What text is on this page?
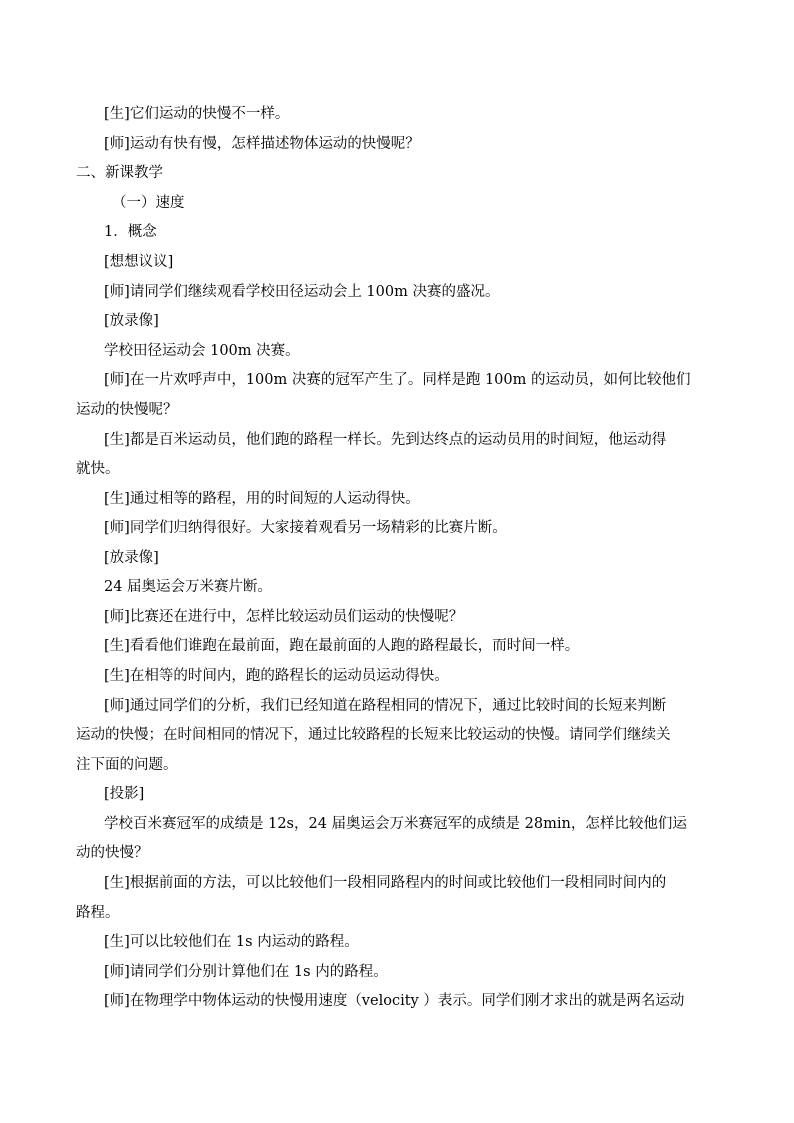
[生]它们运动的快慢不一样。
[师]运动有快有慢，怎样描述物体运动的快慢呢？
二、新课教学
（一）速度
1．概念
[想想议议]
[师]请同学们继续观看学校田径运动会上 100m 决赛的盛况。
[放录像]
学校田径运动会 100m 决赛。
[师]在一片欢呼声中，100m 决赛的冠军产生了。同样是跑 100m 的运动员，如何比较他们
运动的快慢呢？
[生]都是百米运动员，他们跑的路程一样长。先到达终点的运动员用的时间短，他运动得
就快。
[生]通过相等的路程，用的时间短的人运动得快。
[师]同学们归纳得很好。大家接着观看另一场精彩的比赛片断。
[放录像]
24 届奥运会万米赛片断。
[师]比赛还在进行中，怎样比较运动员们运动的快慢呢？
[生]看看他们谁跑在最前面，跑在最前面的人跑的路程最长，而时间一样。
[生]在相等的时间内，跑的路程长的运动员运动得快。
[师]通过同学们的分析，我们已经知道在路程相同的情况下，通过比较时间的长短来判断
运动的快慢；在时间相同的情况下，通过比较路程的长短来比较运动的快慢。请同学们继续关
注下面的问题。
[投影]
学校百米赛冠军的成绩是 12s，24 届奥运会万米赛冠军的成绩是 28min，怎样比较他们运
动的快慢？
[生]根据前面的方法，可以比较他们一段相同路程内的时间或比较他们一段相同时间内的
路程。
[生]可以比较他们在 1s 内运动的路程。
[师]请同学们分别计算他们在 1s 内的路程。
[师]在物理学中物体运动的快慢用速度（velocity ）表示。同学们刚才求出的就是两名运动
